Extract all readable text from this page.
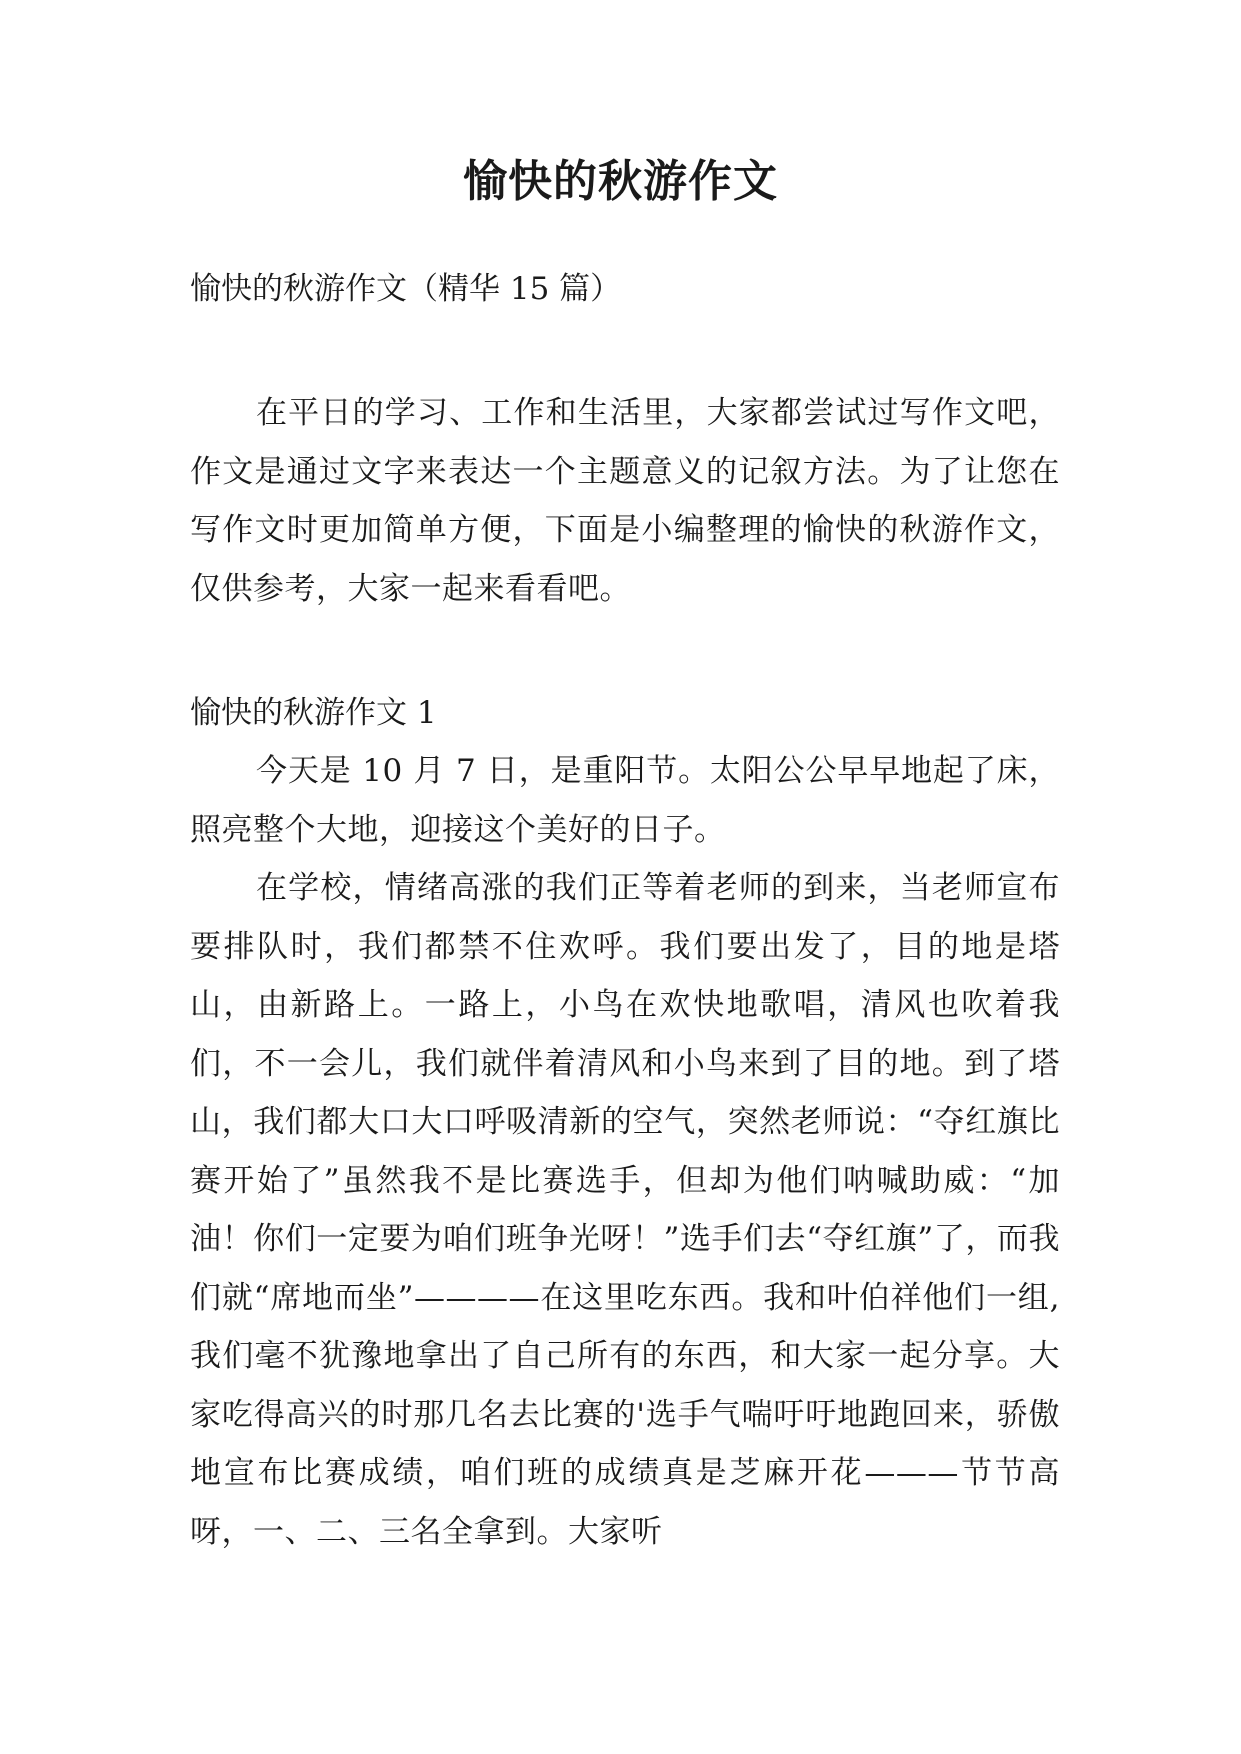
愉快的秋游作文

愉快的秋游作文（精华 15 篇）

在平日的学习、工作和生活里，大家都尝试过写作文吧，作文是通过文字来表达一个主题意义的记叙方法。为了让您在写作文时更加简单方便，下面是小编整理的愉快的秋游作文，仅供参考，大家一起来看看吧。

愉快的秋游作文 1

今天是 10 月 7 日，是重阳节。太阳公公早早地起了床，照亮整个大地，迎接这个美好的日子。

在学校，情绪高涨的我们正等着老师的到来，当老师宣布要排队时，我们都禁不住欢呼。我们要出发了，目的地是塔山，由新路上。一路上，小鸟在欢快地歌唱，清风也吹着我们，不一会儿，我们就伴着清风和小鸟来到了目的地。到了塔山，我们都大口大口呼吸清新的空气，突然老师说：“夺红旗比赛开始了”虽然我不是比赛选手，但却为他们呐喊助威：“加油！你们一定要为咱们班争光呀！”选手们去“夺红旗”了，而我们就“席地而坐”————在这里吃东西。我和叶伯祥他们一组,我们毫不犹豫地拿出了自己所有的东西，和大家一起分享。大家吃得高兴的时那几名去比赛的'选手气喘吁吁地跑回来，骄傲地宣布比赛成绩，咱们班的成绩真是芝麻开花———节节高呀，一、二、三名全拿到。大家听
